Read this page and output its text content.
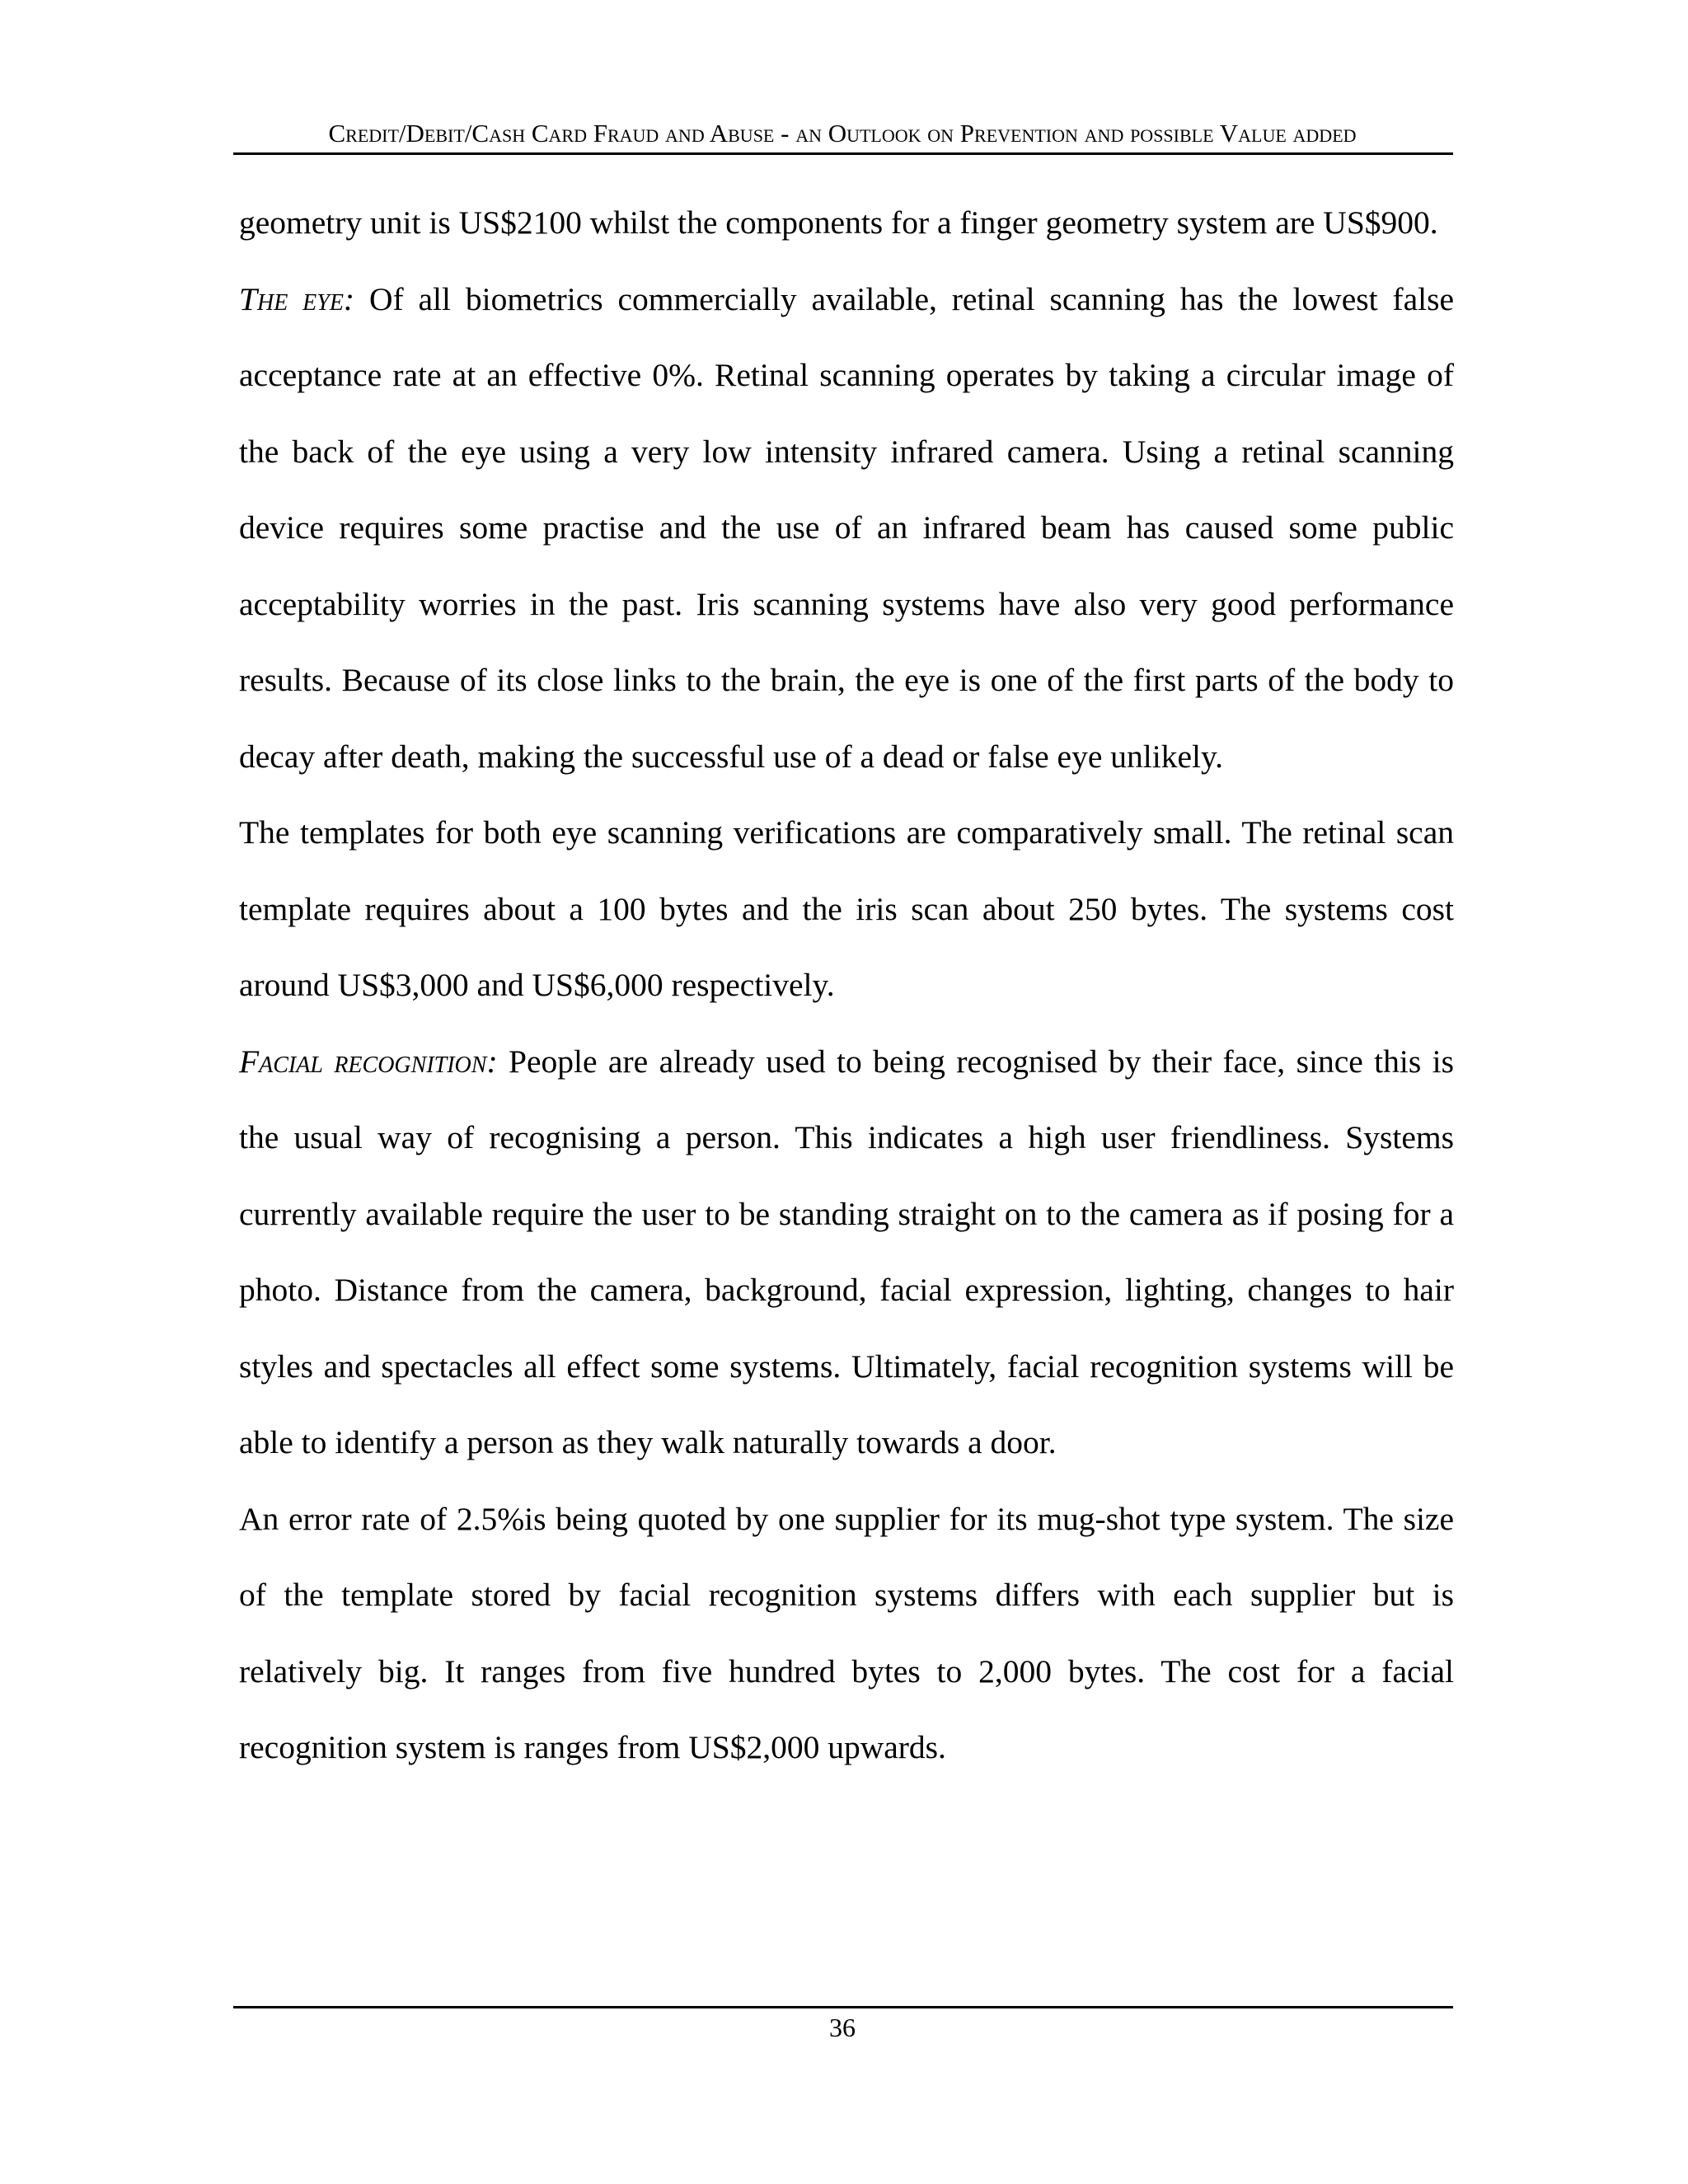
Credit/Debit/Cash Card Fraud and Abuse - an Outlook on Prevention and possible Value added

geometry unit is US$2100 whilst the components for a finger geometry system are US$900.

The eye: Of all biometrics commercially available, retinal scanning has the lowest false acceptance rate at an effective 0%. Retinal scanning operates by taking a circular image of the back of the eye using a very low intensity infrared camera. Using a retinal scanning device requires some practise and the use of an infrared beam has caused some public acceptability worries in the past. Iris scanning systems have also very good performance results. Because of its close links to the brain, the eye is one of the first parts of the body to decay after death, making the successful use of a dead or false eye unlikely.

The templates for both eye scanning verifications are comparatively small. The retinal scan template requires about a 100 bytes and the iris scan about 250 bytes. The systems cost around US$3,000 and US$6,000 respectively.

Facial recognition: People are already used to being recognised by their face, since this is the usual way of recognising a person. This indicates a high user friendliness. Systems currently available require the user to be standing straight on to the camera as if posing for a photo. Distance from the camera, background, facial expression, lighting, changes to hair styles and spectacles all effect some systems. Ultimately, facial recognition systems will be able to identify a person as they walk naturally towards a door.

An error rate of 2.5%is being quoted by one supplier for its mug-shot type system. The size of the template stored by facial recognition systems differs with each supplier but is relatively big. It ranges from five hundred bytes to 2,000 bytes. The cost for a facial recognition system is ranges from US$2,000 upwards.

36
